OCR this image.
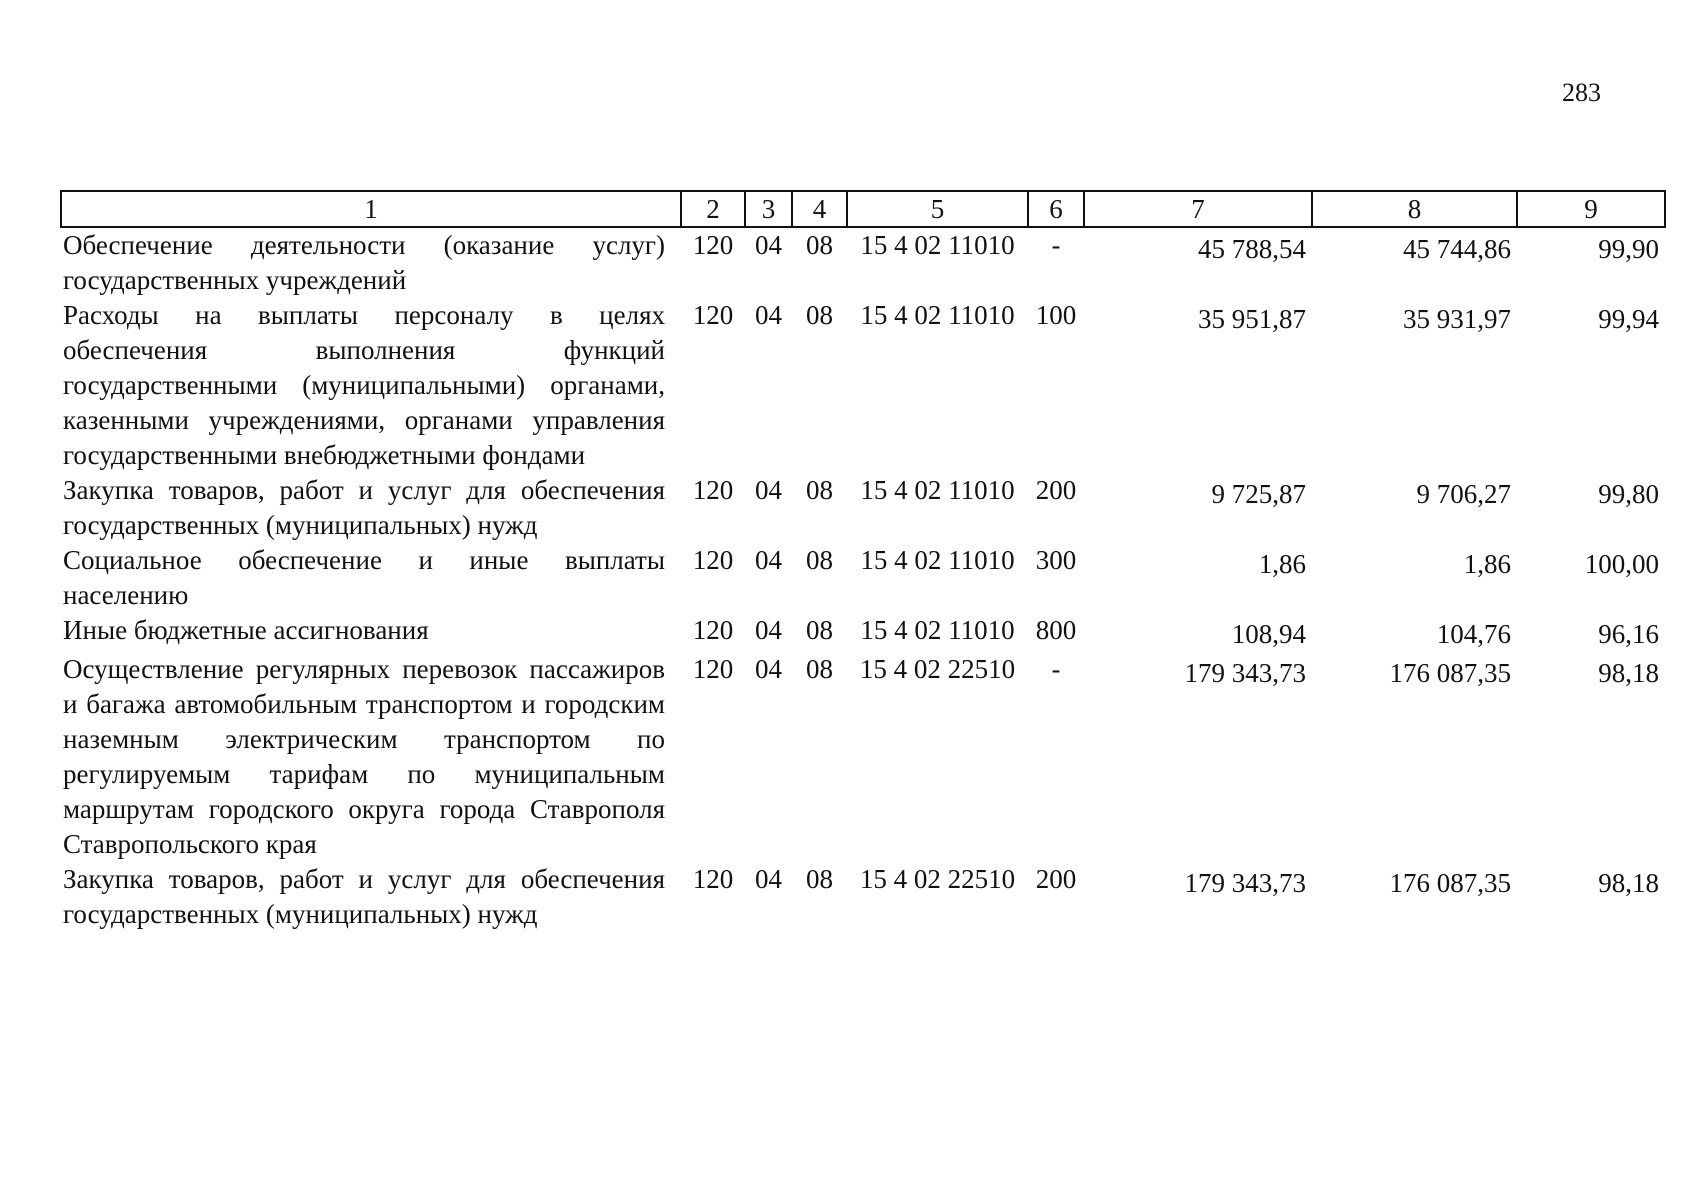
283
1	2	3	4	5	6	7	8	9
Обеспечение деятельности (оказание услуг) государственных учреждений	120	04	08	15 4 02 11010	-	45 788,54	45 744,86	99,90
Расходы на выплаты персоналу в целях обеспечения выполнения функций государственными (муниципальными) органами, казенными учреждениями, органами управления государственными внебюджетными фондами	120	04	08	15 4 02 11010	100	35 951,87	35 931,97	99,94
Закупка товаров, работ и услуг для обеспечения государственных (муниципальных) нужд	120	04	08	15 4 02 11010	200	9 725,87	9 706,27	99,80
Социальное обеспечение и иные выплаты населению	120	04	08	15 4 02 11010	300	1,86	1,86	100,00
Иные бюджетные ассигнования	120	04	08	15 4 02 11010	800	108,94	104,76	96,16
Осуществление регулярных перевозок пассажиров и багажа автомобильным транспортом и городским наземным электрическим транспортом по регулируемым тарифам по муниципальным маршрутам городского округа города Ставрополя Ставропольского края	120	04	08	15 4 02 22510	-	179 343,73	176 087,35	98,18
Закупка товаров, работ и услуг для обеспечения государственных (муниципальных) нужд	120	04	08	15 4 02 22510	200	179 343,73	176 087,35	98,18
